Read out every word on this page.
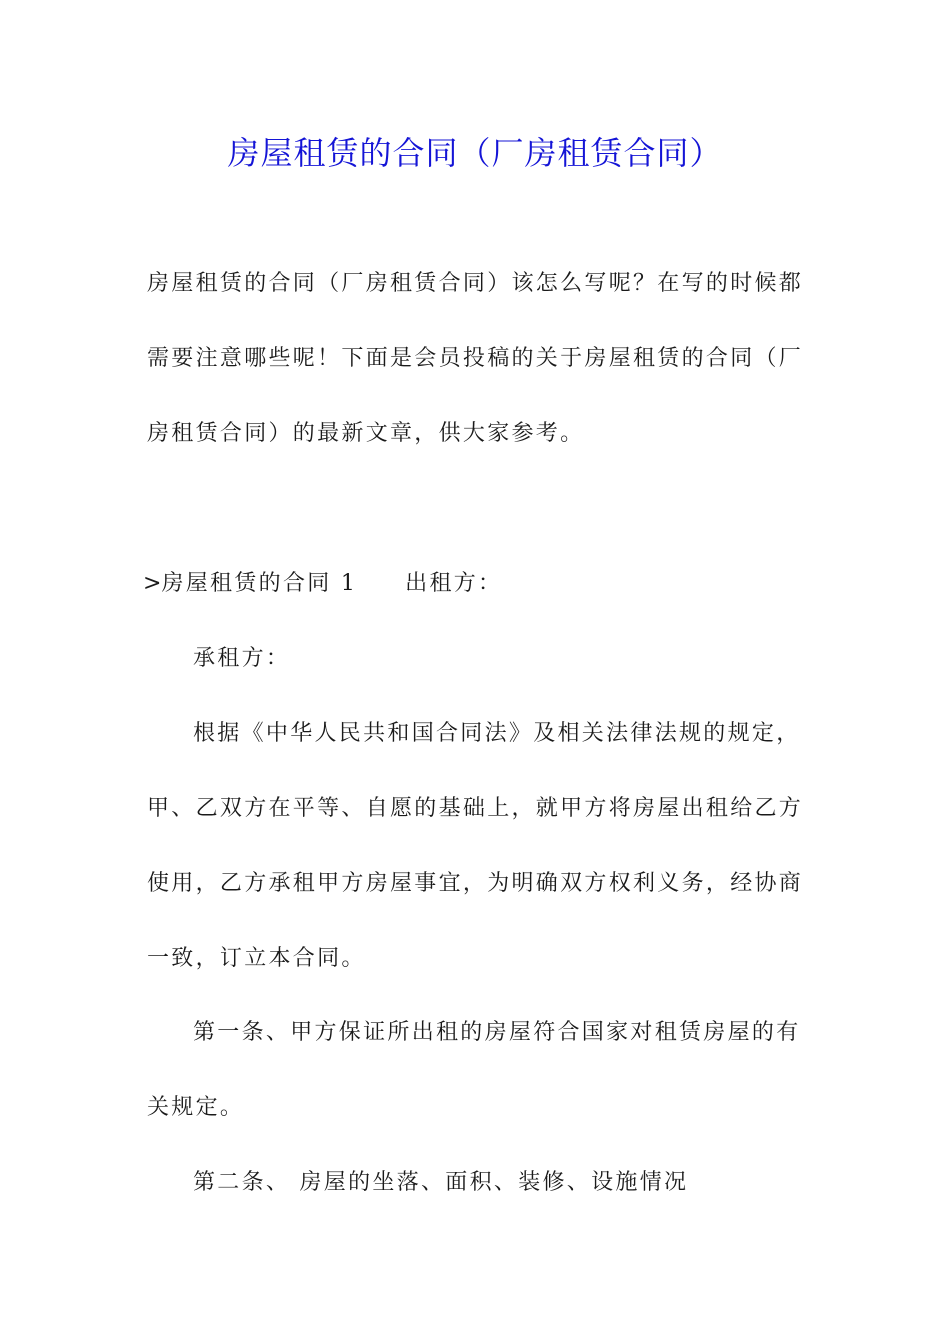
房屋租赁的合同（厂房租赁合同）
房屋租赁的合同（厂房租赁合同）该怎么写呢？在写的时候都
需要注意哪些呢！下面是会员投稿的关于房屋租赁的合同（厂
房租赁合同）的最新文章，供大家参考。
>房屋租赁的合同 1 出租方：
承租方：
根据《中华人民共和国合同法》及相关法律法规的规定，
甲、乙双方在平等、自愿的基础上，就甲方将房屋出租给乙方
使用，乙方承租甲方房屋事宜，为明确双方权利义务，经协商
一致，订立本合同。
第一条、甲方保证所出租的房屋符合国家对租赁房屋的有
关规定。
第二条、 房屋的坐落、面积、装修、设施情况
